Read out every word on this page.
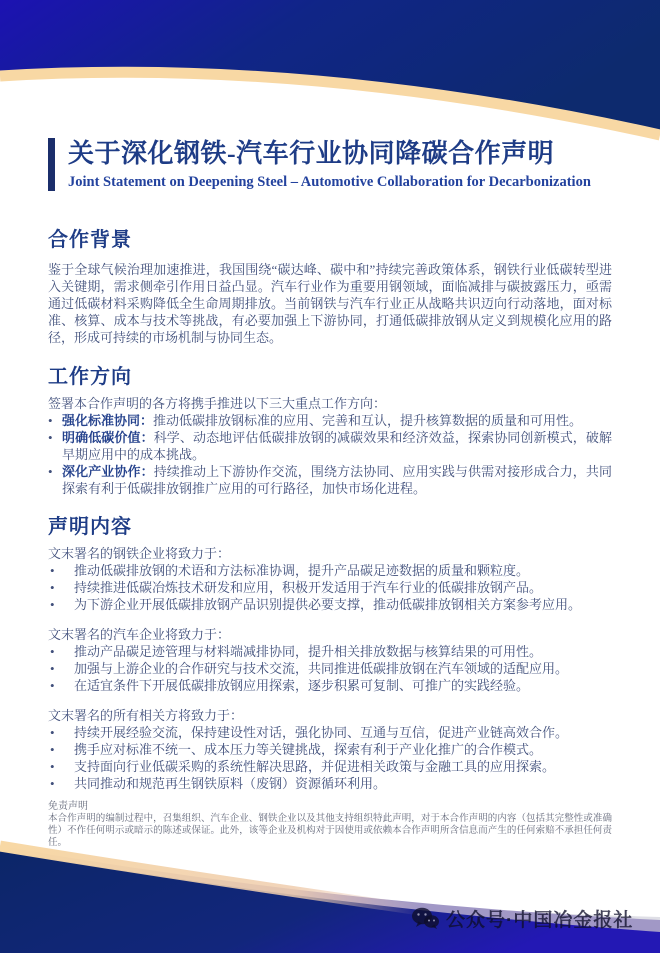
公众号·中国冶金报社
关于深化钢铁-汽车行业协同降碳合作声明
Joint Statement on Deepening Steel – Automotive Collaboration for Decarbonization
合作背景
鉴于全球气候治理加速推进，我国围绕“碳达峰、碳中和”持续完善政策体系，钢铁行业低碳转型进入关键期，需求侧牵引作用日益凸显。汽车行业作为重要用钢领域，面临减排与碳披露压力，亟需通过低碳材料采购降低全生命周期排放。当前钢铁与汽车行业正从战略共识迈向行动落地，面对标准、核算、成本与技术等挑战，有必要加强上下游协同，打通低碳排放钢从定义到规模化应用的路径，形成可持续的市场机制与协同生态。
工作方向
签署本合作声明的各方将携手推进以下三大重点工作方向：
• 强化标准协同：推动低碳排放钢标准的应用、完善和互认，提升核算数据的质量和可用性。
• 明确低碳价值：科学、动态地评估低碳排放钢的减碳效果和经济效益，探索协同创新模式，破解早期应用中的成本挑战。
• 深化产业协作：持续推动上下游协作交流，围绕方法协同、应用实践与供需对接形成合力，共同探索有利于低碳排放钢推广应用的可行路径，加快市场化进程。
声明内容
文末署名的钢铁企业将致力于：
•	推动低碳排放钢的术语和方法标准协调，提升产品碳足迹数据的质量和颗粒度。
•	持续推进低碳冶炼技术研发和应用，积极开发适用于汽车行业的低碳排放钢产品。
•	为下游企业开展低碳排放钢产品识别提供必要支撑，推动低碳排放钢相关方案参考应用。
文末署名的汽车企业将致力于：
•	推动产品碳足迹管理与材料端减排协同，提升相关排放数据与核算结果的可用性。
•	加强与上游企业的合作研究与技术交流，共同推进低碳排放钢在汽车领域的适配应用。
•	在适宜条件下开展低碳排放钢应用探索，逐步积累可复制、可推广的实践经验。
文末署名的所有相关方将致力于：
•	持续开展经验交流，保持建设性对话，强化协同、互通与互信，促进产业链高效合作。
•	携手应对标准不统一、成本压力等关键挑战，探索有利于产业化推广的合作模式。
•	支持面向行业低碳采购的系统性解决思路，并促进相关政策与金融工具的应用探索。
•	共同推动和规范再生钢铁原料（废钢）资源循环利用。
免责声明
本合作声明的编制过程中，召集组织、汽车企业、钢铁企业以及其他支持组织特此声明，对于本合作声明的内容（包括其完整性或准确性）不作任何明示或暗示的陈述或保证。此外，该等企业及机构对于因使用或依赖本合作声明所含信息而产生的任何索赔不承担任何责任。
